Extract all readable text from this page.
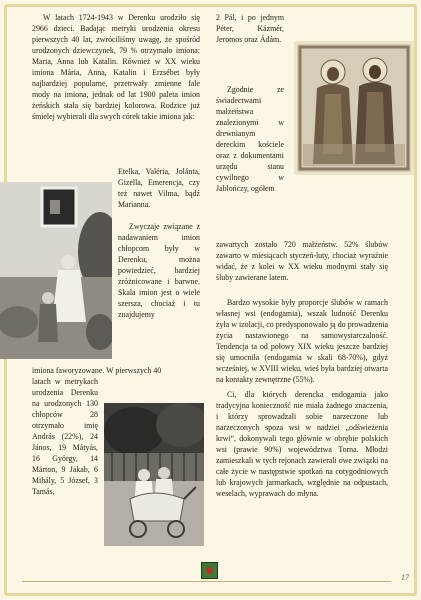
W latach 1724-1943 w Derenku urodziło się 2966 dzieci. Badając metryki urodzenia okresu pierwszych 40 lat, zwróciliśmy uwagę, że spośród urodzonych dziewczynek, 79 % otrzymało imiona: Maria, Anna lub Katalin. Również w XX wieku imiona Mária, Anna, Katalin i Erzsébet były najbardziej popularne, przetrwały zmienne fale mody na imiona, jednak od lat 1900 paleta imion żeńskich stała się bardziej kolorowa. Rodzice już śmielej wybierali dla swych córek takie imiona jak:

Etelka, Valéria, Jolánta, Gizella, Emerencja, czy też nawet Vilma, bądź Marianna.

Zwyczaje związane z nadawaniem imion chłopcom były w Derenku, można powiedzieć, bardziej zróżnicowane i barwne. Skala imion jest o wiele szersza, chociaż i tu znajdujemy

imiona faworyzowane. W pierwszych 40

latach w metrykach urodzenia Derenku na urodzonych 130 chłopców 28 otrzymało imię András (22%), 24 János, 19 Mátyás, 16 György, 14 Márton, 9 Jakab, 6 Mihály, 5 József, 3 Tamás,

2 Pál, i po jednym Péter, Kázmér, Jeromos oraz Ádám.

Zgodnie ze świadectwami małżeństwa znalezionymi w drewnianym dereckim kościele oraz z dokumentami urzędu stanu cywilnego w Jablończy, ogółem

zawartych zostało 720 małżeństw. 52% ślubów zawarto w miesiącach styczeń-luty, chociaż wyraźnie widać, że z kolei w XX wieku modnymi stały się śluby zawierane latem.

Bardzo wysokie były proporcje ślubów w ramach własnej wsi (endogamia), wszak ludność Derenku żyła w izolacji, co predysponowało ją do prowadzenia życia nastawionego na samowystarczalność. Tendencja ta od połowy XIX wieku jeszcze bardziej się umocniła (endogamia w skali 68-70%), gdyż wcześniej, w XVIII wieku, wieś była bardziej otwarta na kontakty zewnętrzne (55%).

Ci, dla których derencka endogamia jako tradycyjna konieczność nie miała żadnego znaczenia, i którzy sprowadzali sobie narzeczone lub narzeczonych spoza wsi w nadziei „odświeżenia krwi”, dokonywali tego głównie w obrębie polskich wsi (prawie 90%) województwa Torna. Młodzi zamieszkali w tych rejonach zawierali owe związki na całe życie w następstwie spotkań na cotygodniowych lub krajowych jarmarkach, względnie na odpustach, weselach, wyprawach do młyna.

17
